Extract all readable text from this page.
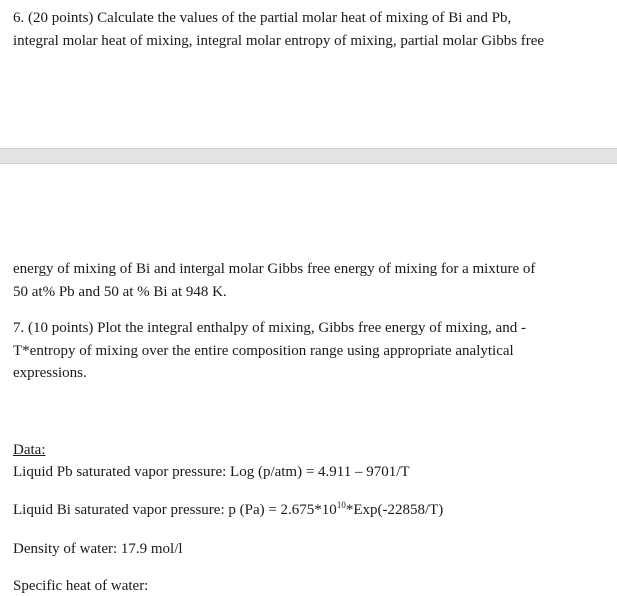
6. (20 points) Calculate the values of the partial molar heat of mixing of Bi and Pb,
integral molar heat of mixing, integral molar entropy of mixing, partial molar Gibbs free
energy of mixing of Bi and intergal molar Gibbs free energy of mixing for a mixture of
50 at% Pb and 50 at % Bi at 948 K.
7. (10 points) Plot the integral enthalpy of mixing, Gibbs free energy of mixing, and -
T*entropy of mixing over the entire composition range using appropriate analytical
expressions.
Data:
Liquid Pb saturated vapor pressure: Log (p/atm) = 4.911 – 9701/T
Liquid Bi saturated vapor pressure: p $(Pa) = 2.675*10^{10}*Exp(-22858/T)$
Density of water: 17.9 mol/l
Specific heat of water:
